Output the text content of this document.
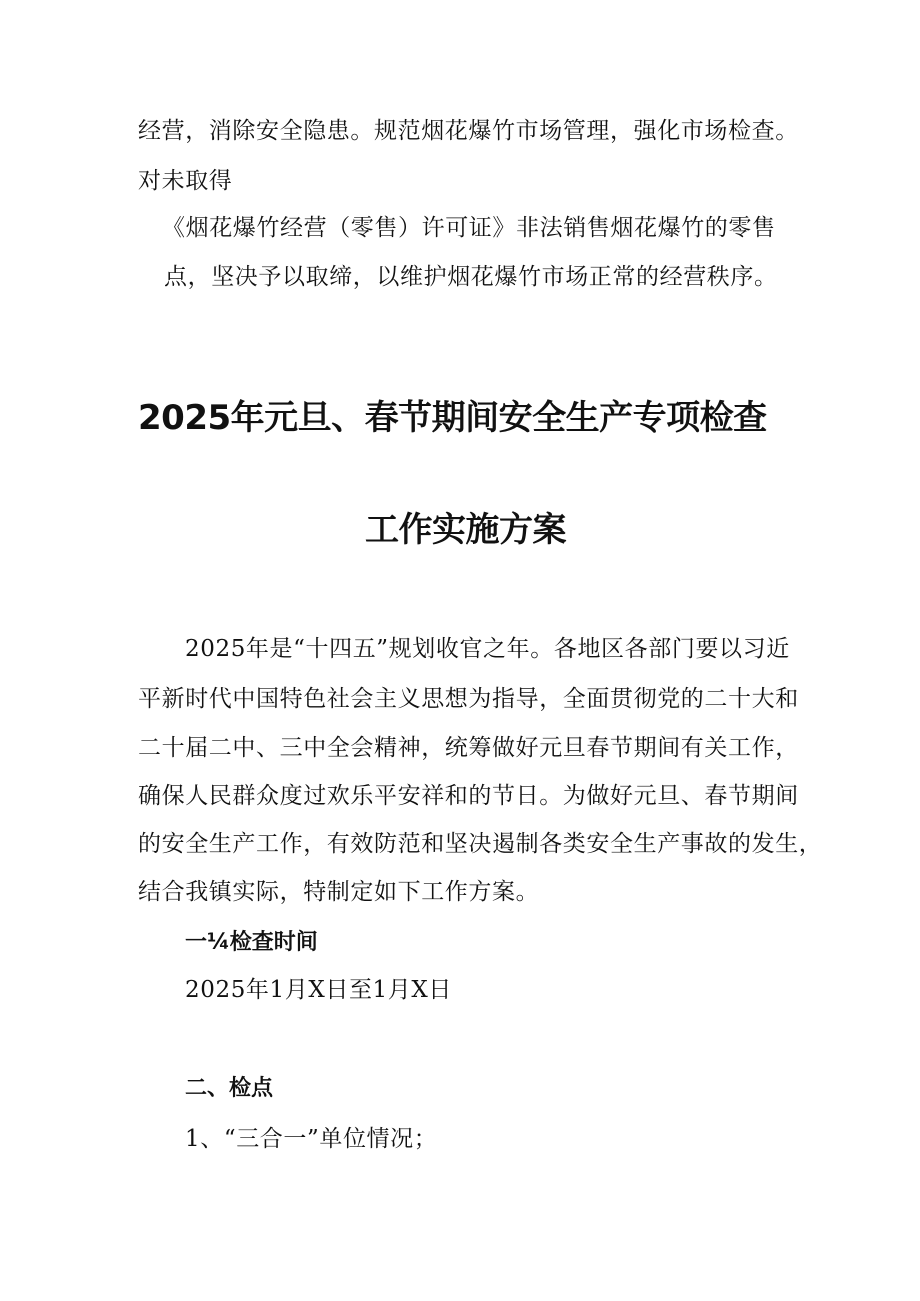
经营，消除安全隐患。规范烟花爆竹市场管理，强化市场检查。

对未取得

《烟花爆竹经营（零售）许可证》非法销售烟花爆竹的零售

点，坚决予以取缔，以维护烟花爆竹市场正常的经营秩序。

2025年元旦、春节期间安全生产专项检查
工作实施方案

2025年是“十四五”规划收官之年。各地区各部门要以习近

平新时代中国特色社会主义思想为指导，全面贯彻党的二十大和

二十届二中、三中全会精神，统筹做好元旦春节期间有关工作，

确保人民群众度过欢乐平安祥和的节日。为做好元旦、春节期间

的安全生产工作，有效防范和坚决遏制各类安全生产事故的发生，

结合我镇实际，特制定如下工作方案。

一¼检查时间

2025年1月X日至1月X日

二、检点

1、“三合一”单位情况；
